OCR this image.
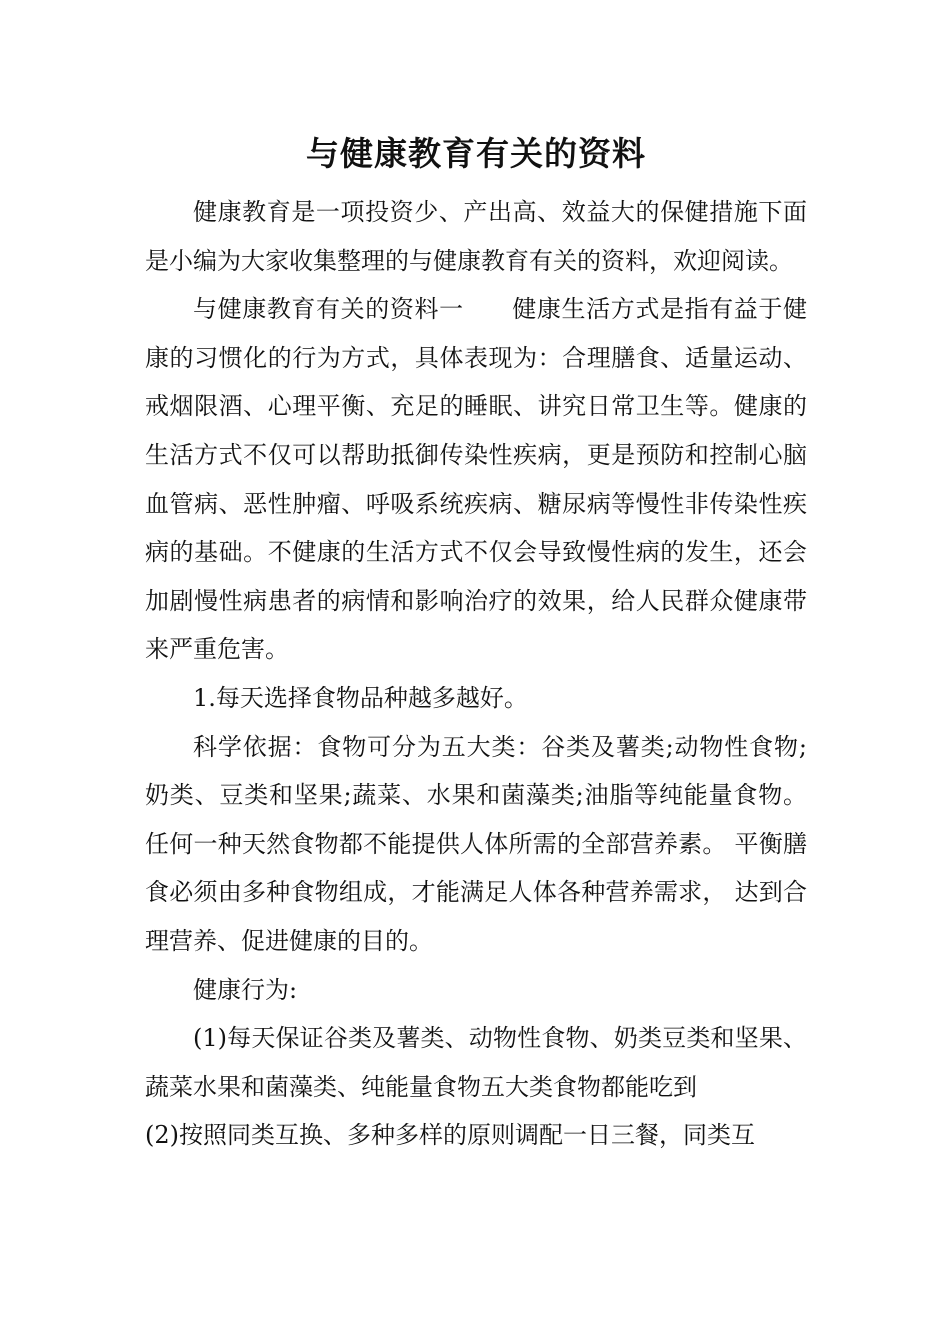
与健康教育有关的资料

健康教育是一项投资少、产出高、效益大的保健措施下面是小编为大家收集整理的与健康教育有关的资料，欢迎阅读。

与健康教育有关的资料一 健康生活方式是指有益于健康的习惯化的行为方式，具体表现为：合理膳食、适量运动、戒烟限酒、心理平衡、充足的睡眠、讲究日常卫生等。健康的生活方式不仅可以帮助抵御传染性疾病，更是预防和控制心脑血管病、恶性肿瘤、呼吸系统疾病、糖尿病等慢性非传染性疾病的基础。不健康的生活方式不仅会导致慢性病的发生，还会加剧慢性病患者的病情和影响治疗的效果，给人民群众健康带来严重危害。

1.每天选择食物品种越多越好。

科学依据：食物可分为五大类：谷类及薯类;动物性食物;奶类、豆类和坚果;蔬菜、水果和菌藻类;油脂等纯能量食物。任何一种天然食物都不能提供人体所需的全部营养素。 平衡膳食必须由多种食物组成，才能满足人体各种营养需求， 达到合理营养、促进健康的目的。

健康行为:

(1)每天保证谷类及薯类、动物性食物、奶类豆类和坚果、蔬菜水果和菌藻类、纯能量食物五大类食物都能吃到

(2)按照同类互换、多种多样的原则调配一日三餐，同类互
